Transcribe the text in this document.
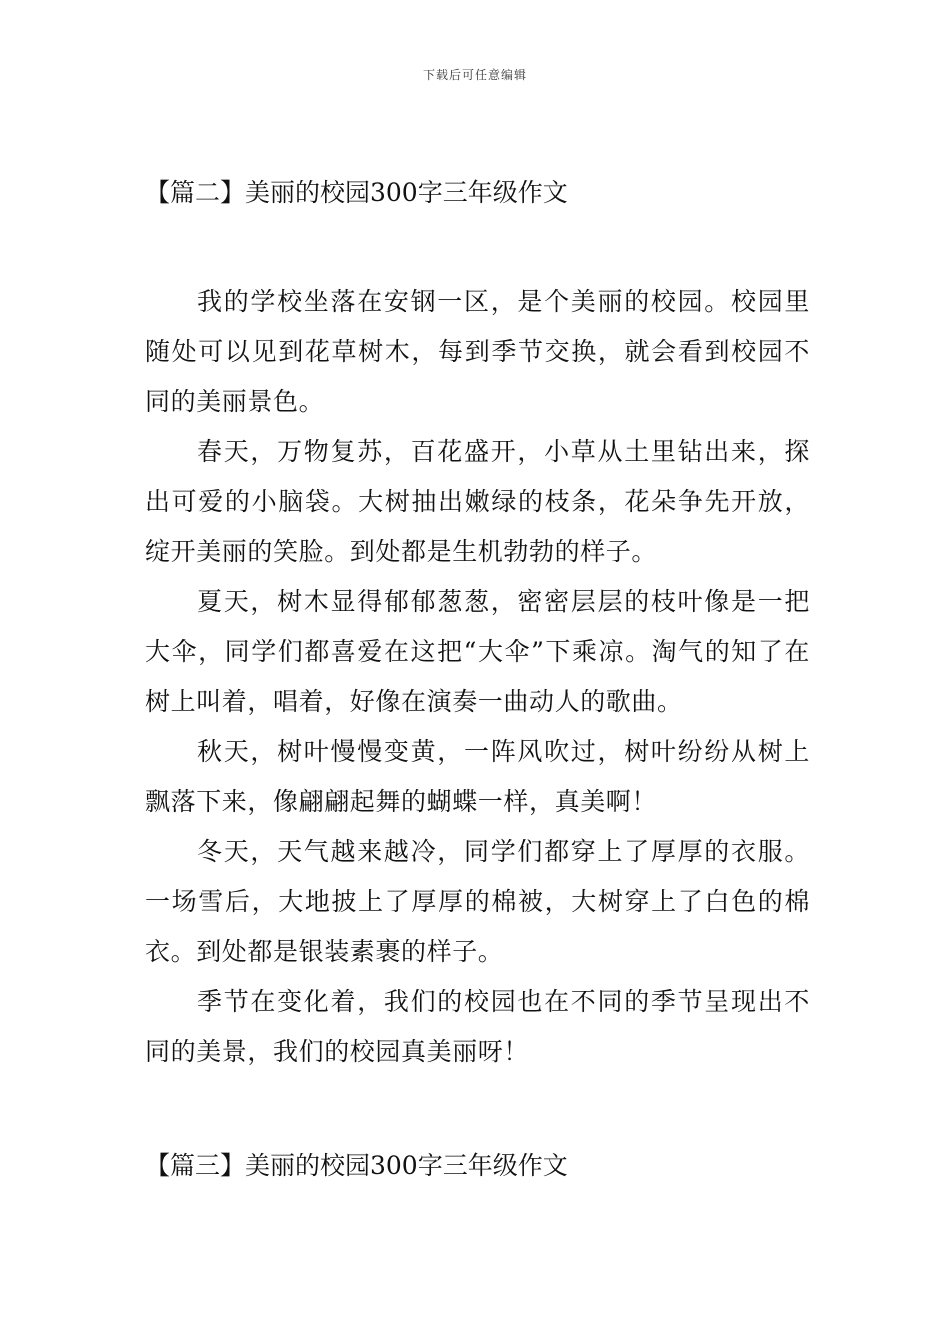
下载后可任意编辑
【篇二】美丽的校园300字三年级作文

我的学校坐落在安钢一区，是个美丽的校园。校园里随处可以见到花草树木，每到季节交换，就会看到校园不同的美丽景色。

春天，万物复苏，百花盛开，小草从土里钻出来，探出可爱的小脑袋。大树抽出嫩绿的枝条，花朵争先开放，绽开美丽的笑脸。到处都是生机勃勃的样子。

夏天，树木显得郁郁葱葱，密密层层的枝叶像是一把大伞，同学们都喜爱在这把“大伞”下乘凉。淘气的知了在树上叫着，唱着，好像在演奏一曲动人的歌曲。

秋天，树叶慢慢变黄，一阵风吹过，树叶纷纷从树上飘落下来，像翩翩起舞的蝴蝶一样，真美啊！

冬天，天气越来越冷，同学们都穿上了厚厚的衣服。一场雪后，大地披上了厚厚的棉被，大树穿上了白色的棉衣。到处都是银装素裹的样子。

季节在变化着，我们的校园也在不同的季节呈现出不同的美景，我们的校园真美丽呀！

【篇三】美丽的校园300字三年级作文
